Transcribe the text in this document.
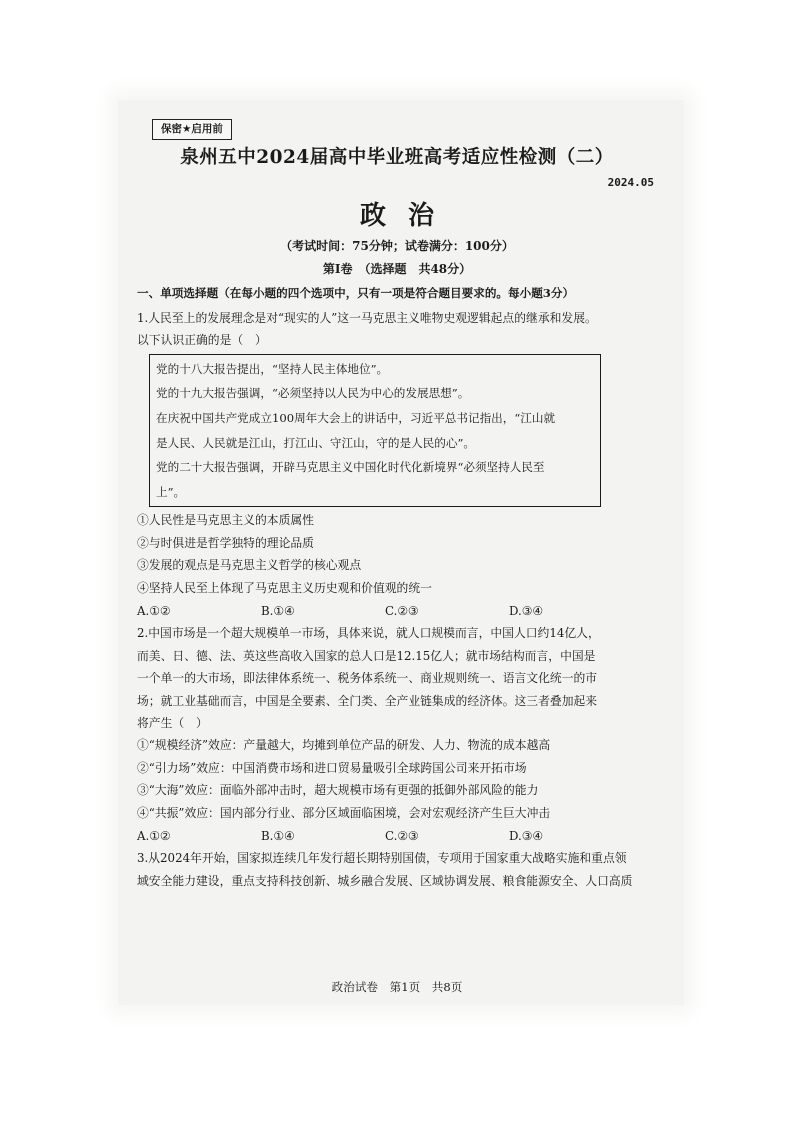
保密★启用前
泉州五中2024届高中毕业班高考适应性检测（二）
2024.05
政治
（考试时间：75分钟；试卷满分：100分）
第Ⅰ卷　（选择题　共48分）
一、单项选择题（在每小题的四个选项中，只有一项是符合题目要求的。每小题3分）
1.人民至上的发展理念是对“现实的人”这一马克思主义唯物史观逻辑起点的继承和发展。
以下认识正确的是（　）
党的十八大报告提出，“坚持人民主体地位”。
党的十九大报告强调，“必须坚持以人民为中心的发展思想”。
在庆祝中国共产党成立100周年大会上的讲话中，习近平总书记指出，“江山就
是人民、人民就是江山，打江山、守江山，守的是人民的心”。
党的二十大报告强调，开辟马克思主义中国化时代化新境界“必须坚持人民至
上”。
①人民性是马克思主义的本质属性
②与时俱进是哲学独特的理论品质
③发展的观点是马克思主义哲学的核心观点
④坚持人民至上体现了马克思主义历史观和价值观的统一
A.①②	B.①④	C.②③	D.③④
2.中国市场是一个超大规模单一市场，具体来说，就人口规模而言，中国人口约14亿人，
而美、日、德、法、英这些高收入国家的总人口是12.15亿人；就市场结构而言，中国是
一个单一的大市场，即法律体系统一、税务体系统一、商业规则统一、语言文化统一的市
场；就工业基础而言，中国是全要素、全门类、全产业链集成的经济体。这三者叠加起来
将产生（　）
①“规模经济”效应：产量越大，均摊到单位产品的研发、人力、物流的成本越高
②“引力场”效应：中国消费市场和进口贸易量吸引全球跨国公司来开拓市场
③“大海”效应：面临外部冲击时，超大规模市场有更强的抵御外部风险的能力
④“共振”效应：国内部分行业、部分区域面临困境，会对宏观经济产生巨大冲击
A.①②	B.①④	C.②③	D.③④
3.从2024年开始，国家拟连续几年发行超长期特别国债，专项用于国家重大战略实施和重点领
域安全能力建设，重点支持科技创新、城乡融合发展、区域协调发展、粮食能源安全、人口高质
政治试卷　第1页　共8页
